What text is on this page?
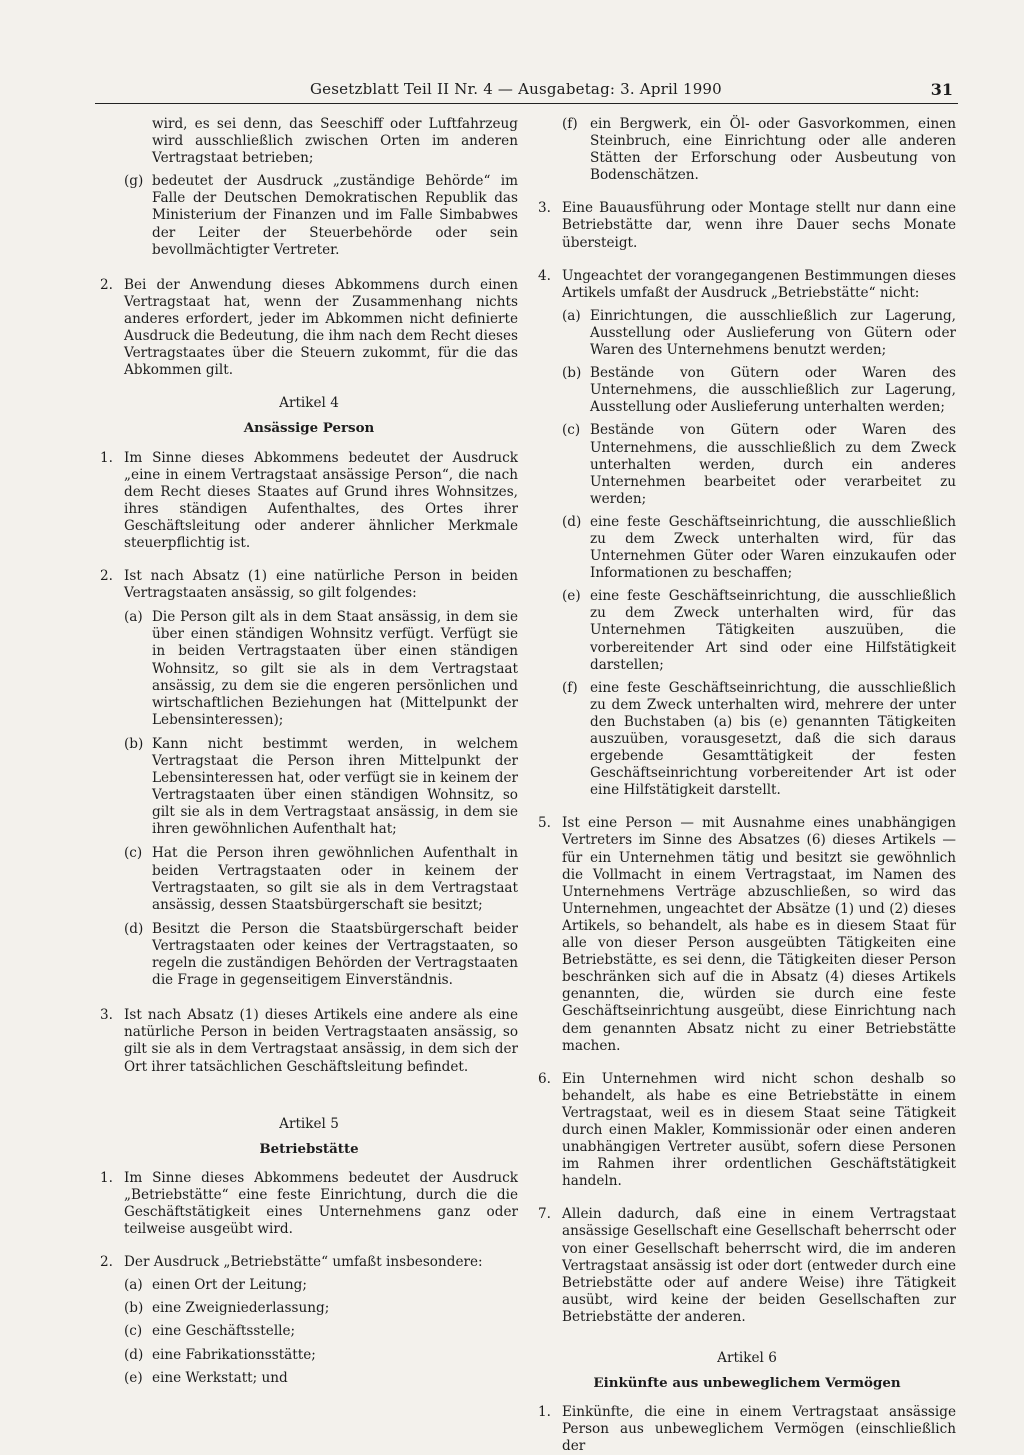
Gesetzblatt Teil II Nr. 4 — Ausgabetag: 3. April 1990	31

wird, es sei denn, das Seeschiff oder Luftfahrzeug wird ausschließlich zwischen Orten im anderen Vertragstaat betrieben;

(g) bedeutet der Ausdruck „zuständige Behörde“ im Falle der Deutschen Demokratischen Republik das Ministerium der Finanzen und im Falle Simbabwes der Leiter der Steuerbehörde oder sein bevollmächtigter Vertreter.
2. Bei der Anwendung dieses Abkommens durch einen Vertragstaat hat, wenn der Zusammenhang nichts anderes erfordert, jeder im Abkommen nicht definierte Ausdruck die Bedeutung, die ihm nach dem Recht dieses Vertragstaates über die Steuern zukommt, für die das Abkommen gilt.

Artikel 4

Ansässige Person

1. Im Sinne dieses Abkommens bedeutet der Ausdruck „eine in einem Vertragstaat ansässige Person“, die nach dem Recht dieses Staates auf Grund ihres Wohnsitzes, ihres ständigen Aufenthaltes, des Ortes ihrer Geschäftsleitung oder anderer ähnlicher Merkmale steuerpflichtig ist.
2. Ist nach Absatz (1) eine natürliche Person in beiden Vertragstaaten ansässig, so gilt folgendes:
(a) Die Person gilt als in dem Staat ansässig, in dem sie über einen ständigen Wohnsitz verfügt. Verfügt sie in beiden Vertragstaaten über einen ständigen Wohnsitz, so gilt sie als in dem Vertragstaat ansässig, zu dem sie die engeren persönlichen und wirtschaftlichen Beziehungen hat (Mittelpunkt der Lebensinteressen);
(b) Kann nicht bestimmt werden, in welchem Vertragstaat die Person ihren Mittelpunkt der Lebensinteressen hat, oder verfügt sie in keinem der Vertragstaaten über einen ständigen Wohnsitz, so gilt sie als in dem Vertragstaat ansässig, in dem sie ihren gewöhnlichen Aufenthalt hat;
(c) Hat die Person ihren gewöhnlichen Aufenthalt in beiden Vertragstaaten oder in keinem der Vertragstaaten, so gilt sie als in dem Vertragstaat ansässig, dessen Staatsbürgerschaft sie besitzt;
(d) Besitzt die Person die Staatsbürgerschaft beider Vertragstaaten oder keines der Vertragstaaten, so regeln die zuständigen Behörden der Vertragstaaten die Frage in gegenseitigem Einverständnis.
3. Ist nach Absatz (1) dieses Artikels eine andere als eine natürliche Person in beiden Vertragstaaten ansässig, so gilt sie als in dem Vertragstaat ansässig, in dem sich der Ort ihrer tatsächlichen Geschäftsleitung befindet.

Artikel 5

Betriebstätte

1. Im Sinne dieses Abkommens bedeutet der Ausdruck „Betriebstätte“ eine feste Einrichtung, durch die die Geschäftstätigkeit eines Unternehmens ganz oder teilweise ausgeübt wird.
2. Der Ausdruck „Betriebstätte“ umfaßt insbesondere:
(a) einen Ort der Leitung;
(b) eine Zweigniederlassung;
(c) eine Geschäftsstelle;
(d) eine Fabrikationsstätte;
(e) eine Werkstatt; und
(f) ein Bergwerk, ein Öl- oder Gasvorkommen, einen Steinbruch, eine Einrichtung oder alle anderen Stätten der Erforschung oder Ausbeutung von Bodenschätzen.
3. Eine Bauausführung oder Montage stellt nur dann eine Betriebstätte dar, wenn ihre Dauer sechs Monate übersteigt.
4. Ungeachtet der vorangegangenen Bestimmungen dieses Artikels umfaßt der Ausdruck „Betriebstätte“ nicht:
(a) Einrichtungen, die ausschließlich zur Lagerung, Ausstellung oder Auslieferung von Gütern oder Waren des Unternehmens benutzt werden;
(b) Bestände von Gütern oder Waren des Unternehmens, die ausschließlich zur Lagerung, Ausstellung oder Auslieferung unterhalten werden;
(c) Bestände von Gütern oder Waren des Unternehmens, die ausschließlich zu dem Zweck unterhalten werden, durch ein anderes Unternehmen bearbeitet oder verarbeitet zu werden;
(d) eine feste Geschäftseinrichtung, die ausschließlich zu dem Zweck unterhalten wird, für das Unternehmen Güter oder Waren einzukaufen oder Informationen zu beschaffen;
(e) eine feste Geschäftseinrichtung, die ausschließlich zu dem Zweck unterhalten wird, für das Unternehmen Tätigkeiten auszuüben, die vorbereitender Art sind oder eine Hilfstätigkeit darstellen;
(f) eine feste Geschäftseinrichtung, die ausschließlich zu dem Zweck unterhalten wird, mehrere der unter den Buchstaben (a) bis (e) genannten Tätigkeiten auszuüben, vorausgesetzt, daß die sich daraus ergebende Gesamttätigkeit der festen Geschäftseinrichtung vorbereitender Art ist oder eine Hilfstätigkeit darstellt.
5. Ist eine Person — mit Ausnahme eines unabhängigen Vertreters im Sinne des Absatzes (6) dieses Artikels — für ein Unternehmen tätig und besitzt sie gewöhnlich die Vollmacht in einem Vertragstaat, im Namen des Unternehmens Verträge abzuschließen, so wird das Unternehmen, ungeachtet der Absätze (1) und (2) dieses Artikels, so behandelt, als habe es in diesem Staat für alle von dieser Person ausgeübten Tätigkeiten eine Betriebstätte, es sei denn, die Tätigkeiten dieser Person beschränken sich auf die in Absatz (4) dieses Artikels genannten, die, würden sie durch eine feste Geschäftseinrichtung ausgeübt, diese Einrichtung nach dem genannten Absatz nicht zu einer Betriebstätte machen.
6. Ein Unternehmen wird nicht schon deshalb so behandelt, als habe es eine Betriebstätte in einem Vertragstaat, weil es in diesem Staat seine Tätigkeit durch einen Makler, Kommissionär oder einen anderen unabhängigen Vertreter ausübt, sofern diese Personen im Rahmen ihrer ordentlichen Geschäftstätigkeit handeln.
7. Allein dadurch, daß eine in einem Vertragstaat ansässige Gesellschaft eine Gesellschaft beherrscht oder von einer Gesellschaft beherrscht wird, die im anderen Vertragstaat ansässig ist oder dort (entweder durch eine Betriebstätte oder auf andere Weise) ihre Tätigkeit ausübt, wird keine der beiden Gesellschaften zur Betriebstätte der anderen.

Artikel 6

Einkünfte aus unbeweglichem Vermögen

1. Einkünfte, die eine in einem Vertragstaat ansässige Person aus unbeweglichem Vermögen (einschließlich der
